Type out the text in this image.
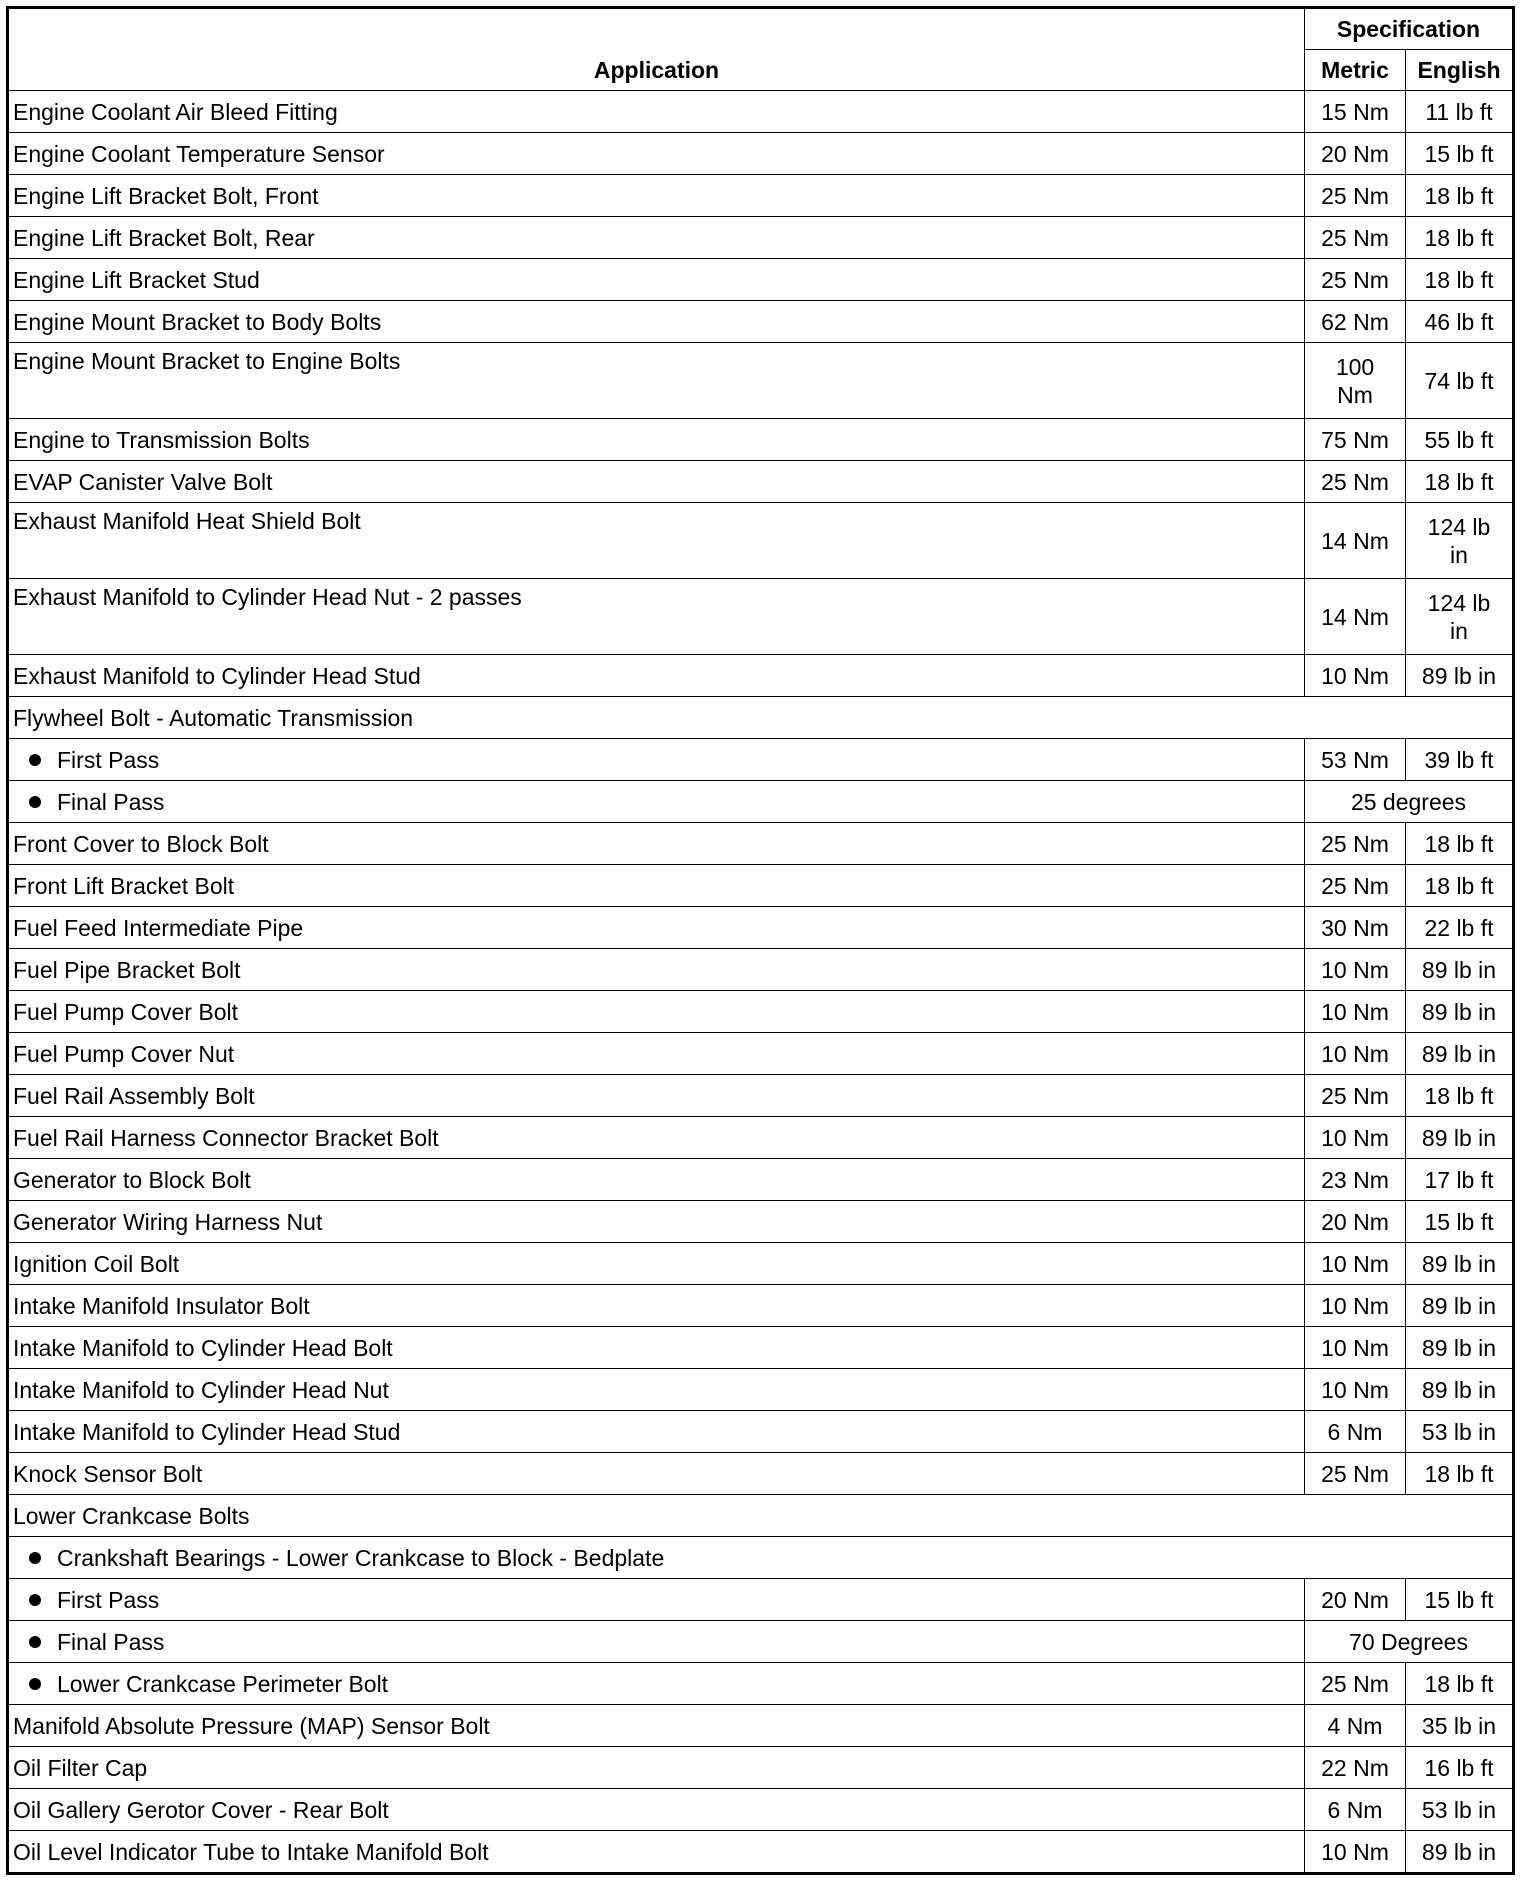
Application	Specification	
	Metric	English
Engine Coolant Air Bleed Fitting	15 Nm	11 lb ft
Engine Coolant Temperature Sensor	20 Nm	15 lb ft
Engine Lift Bracket Bolt, Front	25 Nm	18 lb ft
Engine Lift Bracket Bolt, Rear	25 Nm	18 lb ft
Engine Lift Bracket Stud	25 Nm	18 lb ft
Engine Mount Bracket to Body Bolts	62 Nm	46 lb ft
Engine Mount Bracket to Engine Bolts	100 Nm	74 lb ft
Engine to Transmission Bolts	75 Nm	55 lb ft
EVAP Canister Valve Bolt	25 Nm	18 lb ft
Exhaust Manifold Heat Shield Bolt	14 Nm	124 lb in
Exhaust Manifold to Cylinder Head Nut - 2 passes	14 Nm	124 lb in
Exhaust Manifold to Cylinder Head Stud	10 Nm	89 lb in
Flywheel Bolt - Automatic Transmission		
First Pass	53 Nm	39 lb ft
Final Pass	25 degrees	
Front Cover to Block Bolt	25 Nm	18 lb ft
Front Lift Bracket Bolt	25 Nm	18 lb ft
Fuel Feed Intermediate Pipe	30 Nm	22 lb ft
Fuel Pipe Bracket Bolt	10 Nm	89 lb in
Fuel Pump Cover Bolt	10 Nm	89 lb in
Fuel Pump Cover Nut	10 Nm	89 lb in
Fuel Rail Assembly Bolt	25 Nm	18 lb ft
Fuel Rail Harness Connector Bracket Bolt	10 Nm	89 lb in
Generator to Block Bolt	23 Nm	17 lb ft
Generator Wiring Harness Nut	20 Nm	15 lb ft
Ignition Coil Bolt	10 Nm	89 lb in
Intake Manifold Insulator Bolt	10 Nm	89 lb in
Intake Manifold to Cylinder Head Bolt	10 Nm	89 lb in
Intake Manifold to Cylinder Head Nut	10 Nm	89 lb in
Intake Manifold to Cylinder Head Stud	6 Nm	53 lb in
Knock Sensor Bolt	25 Nm	18 lb ft
Lower Crankcase Bolts		
Crankshaft Bearings - Lower Crankcase to Block - Bedplate		
First Pass	20 Nm	15 lb ft
Final Pass	70 Degrees	
Lower Crankcase Perimeter Bolt	25 Nm	18 lb ft
Manifold Absolute Pressure (MAP) Sensor Bolt	4 Nm	35 lb in
Oil Filter Cap	22 Nm	16 lb ft
Oil Gallery Gerotor Cover - Rear Bolt	6 Nm	53 lb in
Oil Level Indicator Tube to Intake Manifold Bolt	10 Nm	89 lb in
